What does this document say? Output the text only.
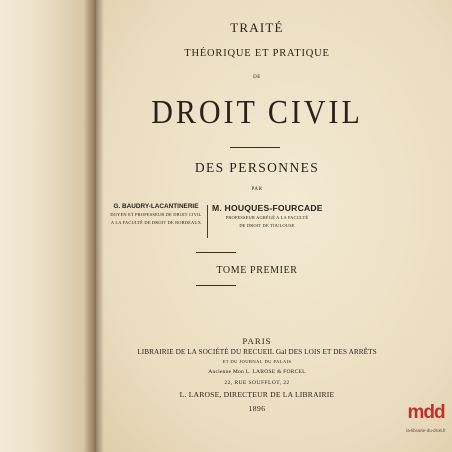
TRAITÉ
THÉORIQUE ET PRATIQUE
DE
DROIT CIVIL
DES PERSONNES
PAR
G. BAUDRY-LACANTINERIE
DOYEN ET PROFESSEUR DE DROIT CIVIL
A LA FACULTÉ DE DROIT DE BORDEAUX
M. HOUQUES-FOURCADE
PROFESSEUR AGRÉGÉ A LA FACULTÉ
DE DROIT DE TOULOUSE
TOME PREMIER
PARIS
LIBRAIRIE DE LA SOCIÉTÉ DU RECUEIL Gal DES LOIS ET DES ARRÊTS
ET DU JOURNAL DU PALAIS
Ancienne Mon L. LAROSE & FORCEL
22, RUE SOUFFLOT, 22
L. LAROSE, DIRECTEUR DE LA LIBRAIRIE
1896	mdd
la-librairie-du-droit.fr
